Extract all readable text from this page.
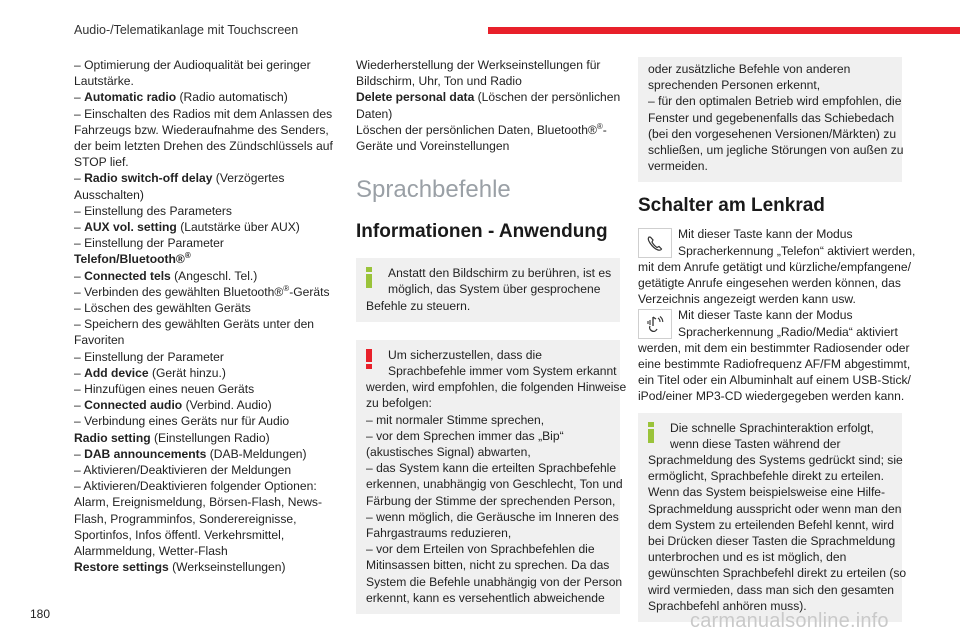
Audio-/Telematikanlage mit Touchscreen
– Optimierung der Audioqualität bei geringer
Lautstärke.
– Automatic radio (Radio automatisch)
– Einschalten des Radios mit dem Anlassen des
Fahrzeugs bzw. Wiederaufnahme des Senders,
der beim letzten Drehen des Zündschlüssels auf
STOP lief.
– Radio switch-off delay (Verzögertes
Ausschalten)
– Einstellung des Parameters
– AUX vol. setting (Lautstärke über AUX)
– Einstellung der Parameter
Telefon/Bluetooth®®
– Connected tels (Angeschl. Tel.)
– Verbinden des gewählten Bluetooth®®-Geräts
– Löschen des gewählten Geräts
– Speichern des gewählten Geräts unter den
Favoriten
– Einstellung der Parameter
– Add device (Gerät hinzu.)
– Hinzufügen eines neuen Geräts
– Connected audio (Verbind. Audio)
– Verbindung eines Geräts nur für Audio
Radio setting (Einstellungen Radio)
– DAB announcements (DAB-Meldungen)
– Aktivieren/Deaktivieren der Meldungen
– Aktivieren/Deaktivieren folgender Optionen:
Alarm, Ereignismeldung, Börsen-Flash, News-
Flash, Programminfos, Sonderereignisse,
Sportinfos, Infos öffentl. Verkehrsmittel,
Alarmmeldung, Wetter-Flash
Restore settings (Werkseinstellungen)
Wiederherstellung der Werkseinstellungen für
Bildschirm, Uhr, Ton und Radio
Delete personal data (Löschen der persönlichen
Daten)
Löschen der persönlichen Daten, Bluetooth®®-
Geräte und Voreinstellungen
Sprachbefehle
Informationen - Anwendung
Anstatt den Bildschirm zu berühren, ist es
möglich, das System über gesprochene
Befehle zu steuern.
Um sicherzustellen, dass die
Sprachbefehle immer vom System erkannt
werden, wird empfohlen, die folgenden Hinweise
zu befolgen:
– mit normaler Stimme sprechen,
– vor dem Sprechen immer das „Bip“
(akustisches Signal) abwarten,
– das System kann die erteilten Sprachbefehle
erkennen, unabhängig von Geschlecht, Ton und
Färbung der Stimme der sprechenden Person,
– wenn möglich, die Geräusche im Inneren des
Fahrgastraums reduzieren,
– vor dem Erteilen von Sprachbefehlen die
Mitinsassen bitten, nicht zu sprechen. Da das
System die Befehle unabhängig von der Person
erkennt, kann es versehentlich abweichende
oder zusätzliche Befehle von anderen
sprechenden Personen erkennt,
– für den optimalen Betrieb wird empfohlen, die
Fenster und gegebenenfalls das Schiebedach
(bei den vorgesehenen Versionen/Märkten) zu
schließen, um jegliche Störungen von außen zu
vermeiden.
Schalter am Lenkrad
Mit dieser Taste kann der Modus
Spracherkennung „Telefon“ aktiviert werden,
mit dem Anrufe getätigt und kürzliche/empfangene/
getätigte Anrufe eingesehen werden können, das
Verzeichnis angezeigt werden kann usw.
Mit dieser Taste kann der Modus
Spracherkennung „Radio/Media“ aktiviert
werden, mit dem ein bestimmter Radiosender oder
eine bestimmte Radiofrequenz AF/FM abgestimmt,
ein Titel oder ein Albuminhalt auf einem USB-Stick/
iPod/einer MP3-CD wiedergegeben werden kann.
Die schnelle Sprachinteraktion erfolgt,
wenn diese Tasten während der
Sprachmeldung des Systems gedrückt sind; sie
ermöglicht, Sprachbefehle direkt zu erteilen.
Wenn das System beispielsweise eine Hilfe-
Sprachmeldung ausspricht oder wenn man den
dem System zu erteilenden Befehl kennt, wird
bei Drücken dieser Tasten die Sprachmeldung
unterbrochen und es ist möglich, den
gewünschten Sprachbefehl direkt zu erteilen (so
wird vermieden, dass man sich den gesamten
Sprachbefehl anhören muss).
180	carmanualsonline.info
